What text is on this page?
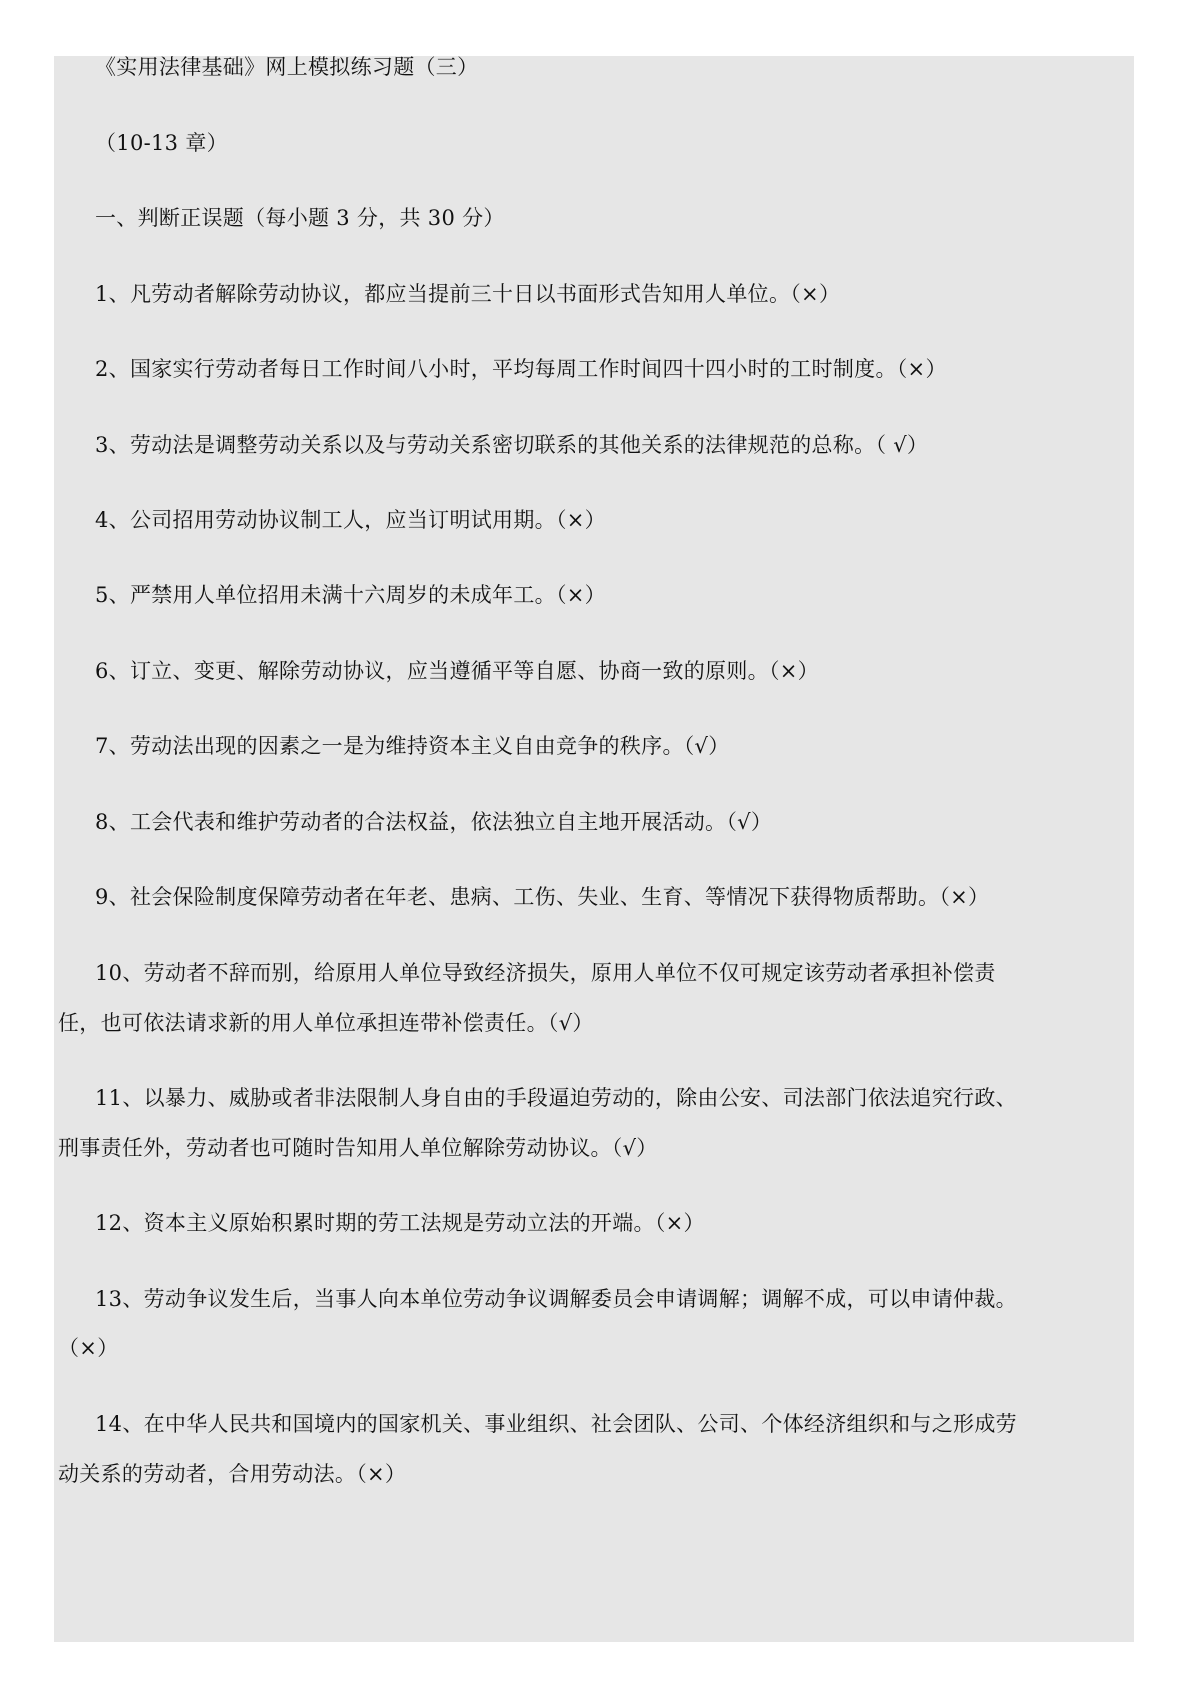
《实用法律基础》网上模拟练习题（三）
（10-13 章）
一、判断正误题（每小题 3 分，共 30 分）
1、凡劳动者解除劳动协议，都应当提前三十日以书面形式告知用人单位。（×）
2、国家实行劳动者每日工作时间八小时，平均每周工作时间四十四小时的工时制度。（×）
3、劳动法是调整劳动关系以及与劳动关系密切联系的其他关系的法律规范的总称。（ √）
4、公司招用劳动协议制工人，应当订明试用期。（×）
5、严禁用人单位招用未满十六周岁的未成年工。（×）
6、订立、变更、解除劳动协议，应当遵循平等自愿、协商一致的原则。（×）
7、劳动法出现的因素之一是为维持资本主义自由竞争的秩序。（√）
8、工会代表和维护劳动者的合法权益，依法独立自主地开展活动。（√）
9、社会保险制度保障劳动者在年老、患病、工伤、失业、生育、等情况下获得物质帮助。（×）
10、劳动者不辞而别，给原用人单位导致经济损失，原用人单位不仅可规定该劳动者承担补偿责
任，也可依法请求新的用人单位承担连带补偿责任。（√）
11、以暴力、威胁或者非法限制人身自由的手段逼迫劳动的，除由公安、司法部门依法追究行政、
刑事责任外，劳动者也可随时告知用人单位解除劳动协议。（√）
12、资本主义原始积累时期的劳工法规是劳动立法的开端。（×）
13、劳动争议发生后，当事人向本单位劳动争议调解委员会申请调解；调解不成，可以申请仲裁。
（×）
14、在中华人民共和国境内的国家机关、事业组织、社会团队、公司、个体经济组织和与之形成劳
动关系的劳动者，合用劳动法。（×）
